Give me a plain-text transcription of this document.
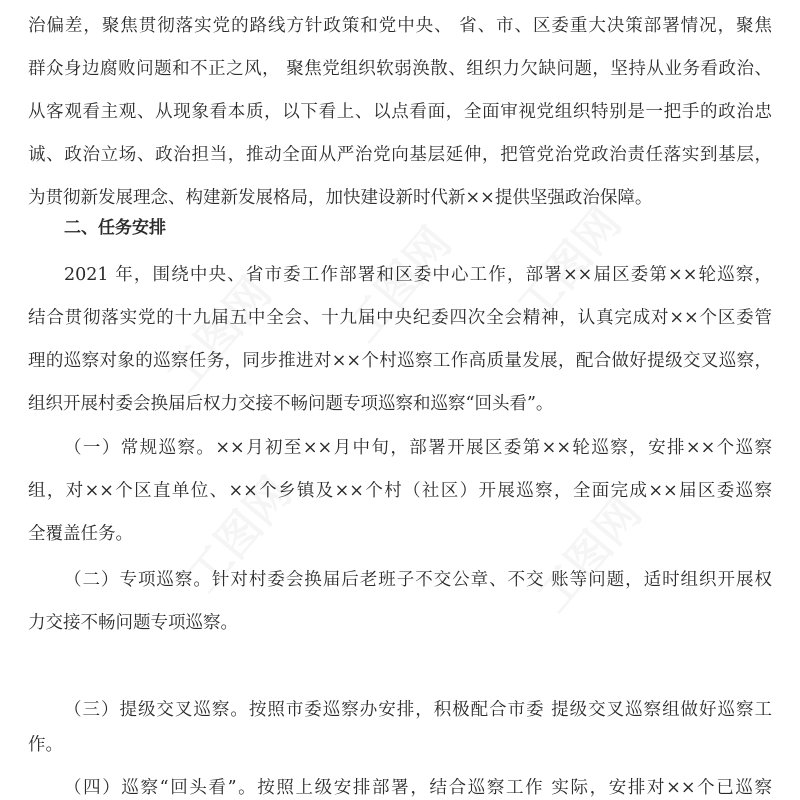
治偏差，聚焦贯彻落实党的路线方针政策和党中央、 省、市、区委重大决策部署情况，聚焦
群众身边腐败问题和不正之风， 聚焦党组织软弱涣散、组织力欠缺问题，坚持从业务看政治、
从客观看主观、从现象看本质，以下看上、以点看面，全面审视党组织特别是一把手的政治忠
诚、政治立场、政治担当，推动全面从严治党向基层延伸，把管党治党政治责任落实到基层，
为贯彻新发展理念、构建新发展格局，加快建设新时代新××提供坚强政治保障。
二、任务安排
2021 年，围绕中央、省市委工作部署和区委中心工作，部署××届区委第××轮巡察，
结合贯彻落实党的十九届五中全会、十九届中央纪委四次全会精神，认真完成对××个区委管
理的巡察对象的巡察任务，同步推进对××个村巡察工作高质量发展，配合做好提级交叉巡察，
组织开展村委会换届后权力交接不畅问题专项巡察和巡察“回头看”。
（一）常规巡察。××月初至××月中旬，部署开展区委第××轮巡察，安排××个巡察
组，对××个区直单位、××个乡镇及××个村（社区）开展巡察，全面完成××届区委巡察
全覆盖任务。
（二）专项巡察。针对村委会换届后老班子不交公章、不交 账等问题，适时组织开展权
力交接不畅问题专项巡察。
（三）提级交叉巡察。按照市委巡察办安排，积极配合市委 提级交叉巡察组做好巡察工
作。
（四）巡察“回头看”。按照上级安排部署，结合巡察工作 实际，安排对××个已巡察
